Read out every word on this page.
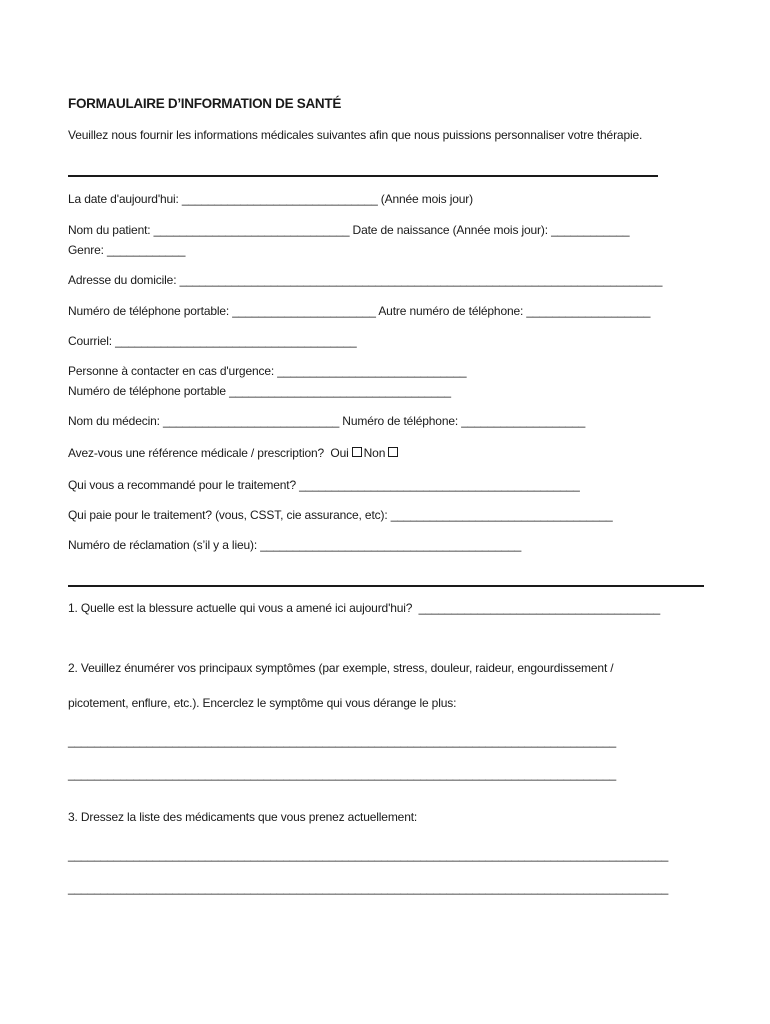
FORMAULAIRE D’INFORMATION DE SANTÉ

Veuillez nous fournir les informations médicales suivantes afin que nous puissions personnaliser votre thérapie.

La date d'aujourd'hui: ______________________________ (Année mois jour)

Nom du patient: ______________________________ Date de naissance (Année mois jour): ____________

Genre: ____________

Adresse du domicile: __________________________________________________________________________

Numéro de téléphone portable: ______________________ Autre numéro de téléphone: ___________________

Courriel: _____________________________________

Personne à contacter en cas d'urgence: _____________________________

Numéro de téléphone portable __________________________________

Nom du médecin: ___________________________ Numéro de téléphone: ___________________

Avez-vous une référence médicale / prescription?  Oui Non

Qui vous a recommandé pour le traitement? ___________________________________________

Qui paie pour le traitement? (vous, CSST, cie assurance, etc): __________________________________

Numéro de réclamation (s’il y a lieu): ________________________________________

1. Quelle est la blessure actuelle qui vous a amené ici aujourd'hui?  _____________________________________

2. Veuillez énumérer vos principaux symptômes (par exemple, stress, douleur, raideur, engourdissement /

picotement, enflure, etc.). Encerclez le symptôme qui vous dérange le plus:

____________________________________________________________________________________

____________________________________________________________________________________

3. Dressez la liste des médicaments que vous prenez actuellement:

____________________________________________________________________________________________

____________________________________________________________________________________________
